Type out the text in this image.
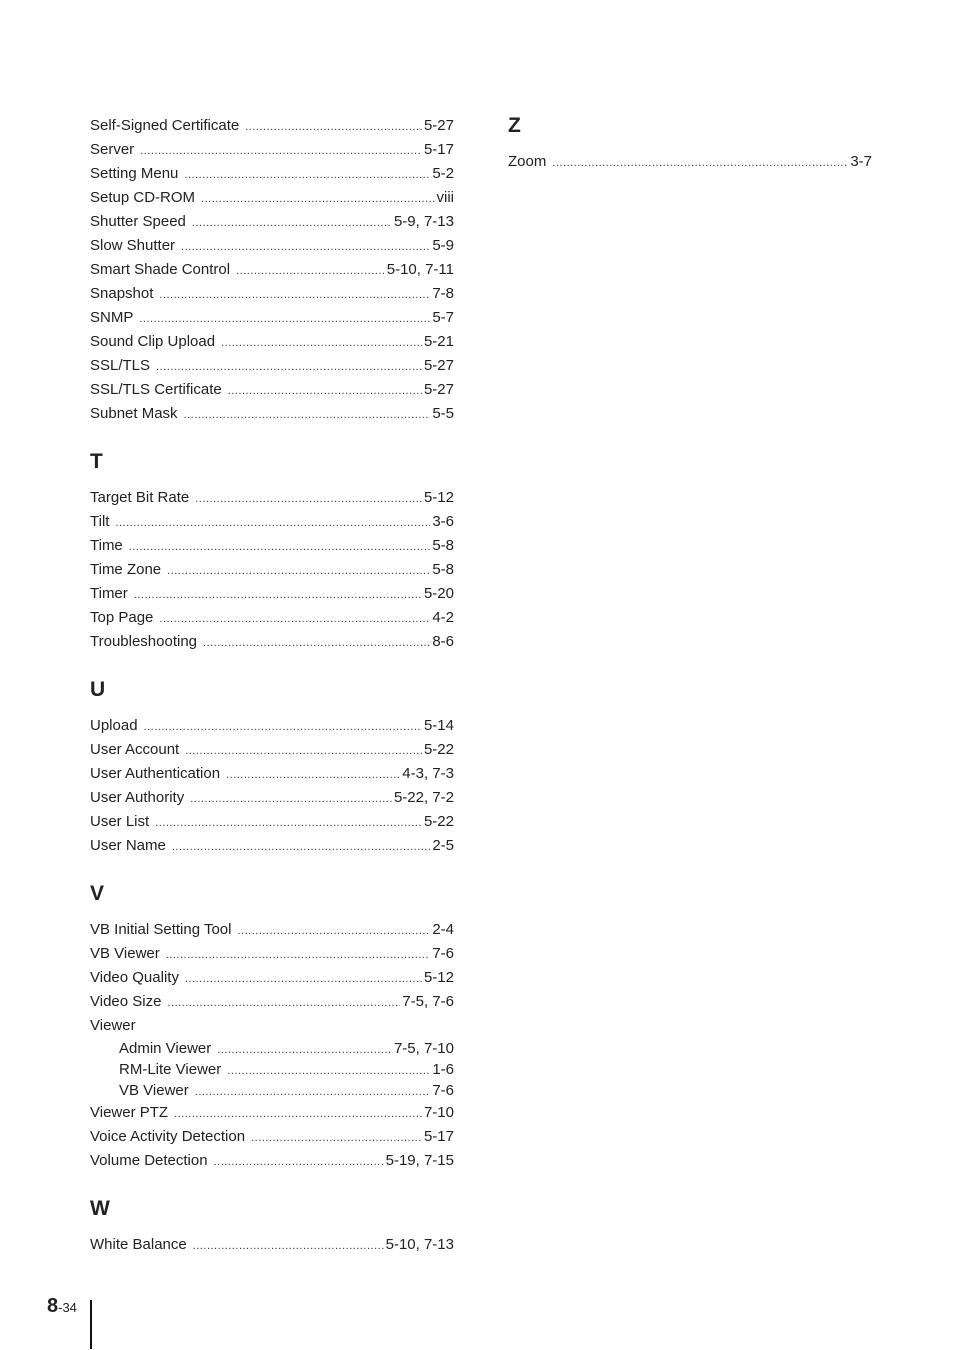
Self-Signed Certificate .....	5-27
Server .....	5-17
Setting Menu .....	5-2
Setup CD-ROM .....	viii
Shutter Speed .....	5-9, 7-13
Slow Shutter .....	5-9
Smart Shade Control .....	5-10, 7-11
Snapshot .....	7-8
SNMP .....	5-7
Sound Clip Upload .....	5-21
SSL/TLS .....	5-27
SSL/TLS Certificate .....	5-27
Subnet Mask .....	5-5
T
Target Bit Rate .....	5-12
Tilt .....	3-6
Time .....	5-8
Time Zone .....	5-8
Timer .....	5-20
Top Page .....	4-2
Troubleshooting .....	8-6
U
Upload .....	5-14
User Account .....	5-22
User Authentication .....	4-3, 7-3
User Authority .....	5-22, 7-2
User List .....	5-22
User Name .....	2-5
V
VB Initial Setting Tool .....	2-4
VB Viewer .....	7-6
Video Quality .....	5-12
Video Size .....	7-5, 7-6
Viewer
Admin Viewer .....	7-5, 7-10
RM-Lite Viewer .....	1-6
VB Viewer .....	7-6
Viewer PTZ .....	7-10
Voice Activity Detection .....	5-17
Volume Detection .....	5-19, 7-15
W
White Balance .....	5-10, 7-13
Z
Zoom .....	3-7
8-34
